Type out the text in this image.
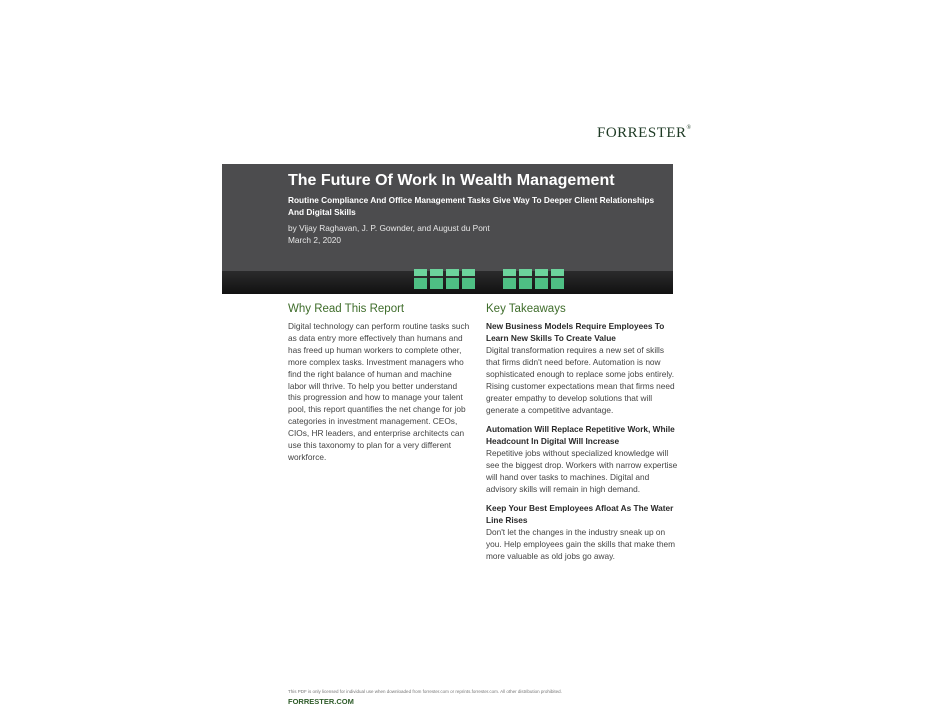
FORRESTER®
The Future Of Work In Wealth Management
Routine Compliance And Office Management Tasks Give Way To Deeper Client Relationships And Digital Skills
by Vijay Raghavan, J. P. Gownder, and August du Pont
March 2, 2020
Why Read This Report
Digital technology can perform routine tasks such as data entry more effectively than humans and has freed up human workers to complete other, more complex tasks. Investment managers who find the right balance of human and machine labor will thrive. To help you better understand this progression and how to manage your talent pool, this report quantifies the net change for job categories in investment management. CEOs, CIOs, HR leaders, and enterprise architects can use this taxonomy to plan for a very different workforce.
Key Takeaways
New Business Models Require Employees To Learn New Skills To Create Value
Digital transformation requires a new set of skills that firms didn't need before. Automation is now sophisticated enough to replace some jobs entirely. Rising customer expectations mean that firms need greater empathy to develop solutions that will generate a competitive advantage.
Automation Will Replace Repetitive Work, While Headcount In Digital Will Increase
Repetitive jobs without specialized knowledge will see the biggest drop. Workers with narrow expertise will hand over tasks to machines. Digital and advisory skills will remain in high demand.
Keep Your Best Employees Afloat As The Water Line Rises
Don't let the changes in the industry sneak up on you. Help employees gain the skills that make them more valuable as old jobs go away.
This PDF is only licensed for individual use when downloaded from forrester.com or reprints.forrester.com. All other distribution prohibited.
FORRESTER.COM
